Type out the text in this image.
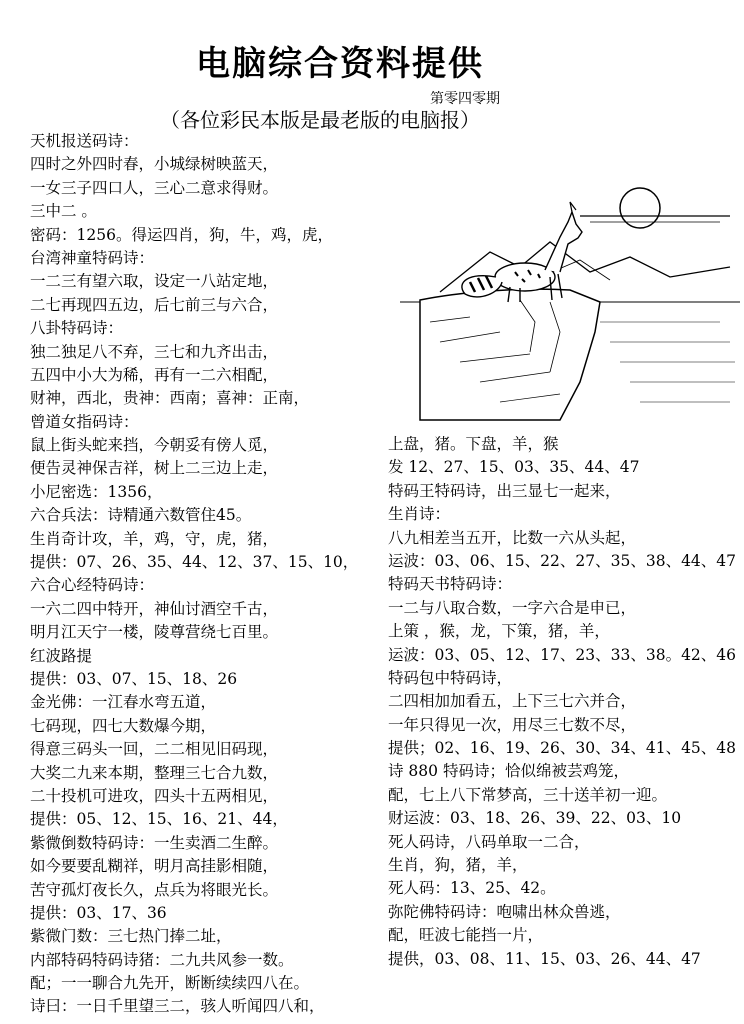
电脑综合资料提供
第零四零期
（各位彩民本版是最老版的电脑报）
天机报送码诗：
四时之外四时春，小城绿树映蓝天，
一女三子四口人，三心二意求得财。
三中二 。
密码：1256。得运四肖，狗，牛，鸡，虎，
台湾神童特码诗：
一二三有望六取，设定一八站定地，
二七再现四五边，后七前三与六合，
八卦特码诗：
独二独足八不弃，三七和九齐出击，
五四中小大为稀，再有一二六相配，
财神，西北，贵神：西南；喜神：正南，
曾道女指码诗：
鼠上街头蛇来挡，今朝妥有傍人觅，
便告灵神保吉祥，树上二三边上走，
小尼密选：1356，
六合兵法：诗精通六数管住45。
生肖奇计攻，羊，鸡，守，虎，猪，
提供：07、26、35、44、12、37、15、10，
六合心经特码诗：
一六二四中特开，神仙讨酒空千古，
明月江天宁一楼，陵尊营绕七百里。
红波路提
提供：03、07、15、18、26
金光佛：一江春水弯五道，
七码现，四七大数爆今期，
得意三码头一回，二二相见旧码现，
大奖二九来本期，整理三七合九数，
二十投机可进攻，四头十五两相见，
提供：05、12、15、16、21、44，
紫微倒数特码诗：一生卖酒二生醉。
如今要要乱糊祥，明月高挂影相随，
苦守孤灯夜长久，点兵为将眼光长。
提供：03、17、36
紫微门数：三七热门捧二址，
内部特码特码诗猪：二九共风参一数。
配；一一聊合九先开，断断续续四八在。
诗曰：一日千里望三二，骇人听闻四八和，
上盘，猪。下盘，羊，猴
发 12、27、15、03、35、44、47
特码王特码诗，出三显七一起来，
生肖诗：
八九相差当五开，比数一六从头起，
运波：03、06、15、22、27、35、38、44、47
特码天书特码诗：
一二与八取合数，一字六合是申已，
上策 ，猴，龙，下策，猪，羊，
运波：03、05、12、17、23、33、38。42、46
特码包中特码诗，
二四相加加看五，上下三七六并合，
一年只得见一次，用尽三七数不尽，
提供；02、16、19、26、30、34、41、45、48
诗 880 特码诗；恰似绵被芸鸡笼，
配，七上八下常梦高，三十送羊初一迎。
财运波：03、18、26、39、22、03、10
死人码诗，八码单取一二合，
生肖，狗，猪，羊，
死人码：13、25、42。
弥陀佛特码诗：咆啸出林众兽逃，
配，旺波七能挡一片，
提供，03、08、11、15、03、26、44、47
